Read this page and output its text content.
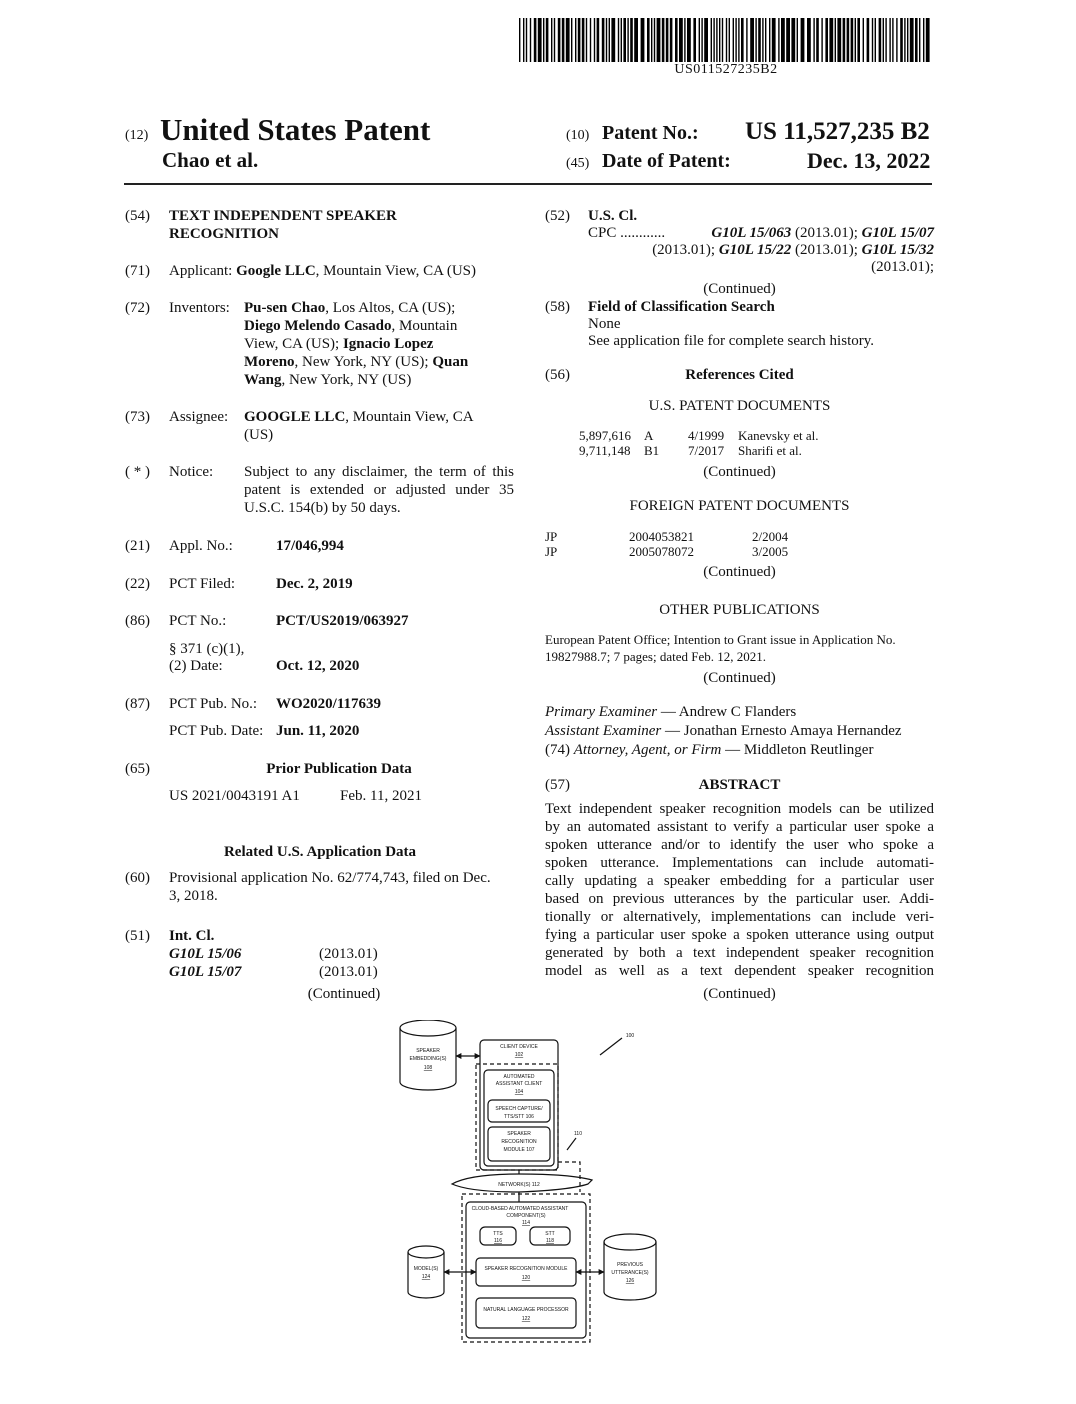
US011527235B2
(12) United States Patent
Chao et al.
(10) Patent No.: US 11,527,235 B2
(45) Date of Patent:	Dec. 13, 2022
(54) TEXT INDEPENDENT SPEAKER
RECOGNITION
(71) Applicant: Google LLC, Mountain View, CA (US)
(72) Inventors: Pu-sen Chao, Los Altos, CA (US);
Diego Melendo Casado, Mountain
View, CA (US); Ignacio Lopez
Moreno, New York, NY (US); Quan
Wang, New York, NY (US)
(73) Assignee: GOOGLE LLC, Mountain View, CA
(US)
( * ) Notice: Subject to any disclaimer, the term of this
patent is extended or adjusted under 35
U.S.C. 154(b) by 50 days.
(21) Appl. No.:	17/046,994
(22) PCT Filed:	Dec. 2, 2019
(86) PCT No.:	PCT/US2019/063927
§ 371 (c)(1),
(2) Date:	Oct. 12, 2020
(87) PCT Pub. No.: WO2020/117639
PCT Pub. Date: Jun. 11, 2020
(65)	Prior Publication Data
US 2021/0043191 A1	Feb. 11, 2021
Related U.S. Application Data
(60) Provisional application No. 62/774,743, filed on Dec.
3, 2018.
(51) Int. Cl.
G10L 15/06	(2013.01)
G10L 15/07	(2013.01)
(Continued)
(52) U.S. Cl.
CPC ............	G10L 15/063 (2013.01); G10L 15/07
(2013.01); G10L 15/22 (2013.01); G10L 15/32
(2013.01);
(Continued)
(58) Field of Classification Search
None
See application file for complete search history.
(56)	References Cited
U.S. PATENT DOCUMENTS
5,897,616 A	4/1999 Kanevsky et al.
9,711,148 B1 7/2017 Sharifi et al.
(Continued)
FOREIGN PATENT DOCUMENTS
JP	2004053821	2/2004
JP	2005078072	3/2005
(Continued)
OTHER PUBLICATIONS
European Patent Office; Intention to Grant issue in Application No.
19827988.7; 7 pages; dated Feb. 12, 2021.
(Continued)
Primary Examiner — Andrew C Flanders
Assistant Examiner — Jonathan Ernesto Amaya Hernandez
(74) Attorney, Agent, or Firm — Middleton Reutlinger
(57)	ABSTRACT
Text independent speaker recognition models can be utilized
by an automated assistant to verify a particular user spoke a
spoken utterance and/or to identify the user who spoke a
spoken utterance. Implementations can include automati-
cally updating a speaker embedding for a particular user
based on previous utterances by the particular user. Addi-
tionally or alternatively, implementations can include veri-
fying a particular user spoke a spoken utterance using output
generated by both a text independent speaker recognition
model as well as a text dependent speaker recognition
(Continued)
100
SPEAKER
EMBEDDING(S)
108
CLIENT DEVICE
102
AUTOMATED
ASSISTANT CLIENT
104
SPEECH CAPTURE/
TTS/STT 106
SPEAKER
RECOGNITION
MODULE 107
110
NETWORK(S) 112
CLOUD-BASED AUTOMATED ASSISTANT
COMPONENT(S)
114
TTS
116
STT
118
SPEAKER RECOGNITION MODULE
120
NATURAL LANGUAGE PROCESSOR
122
MODEL(S)
124
PREVIOUS
UTTERANCE(S)
126
